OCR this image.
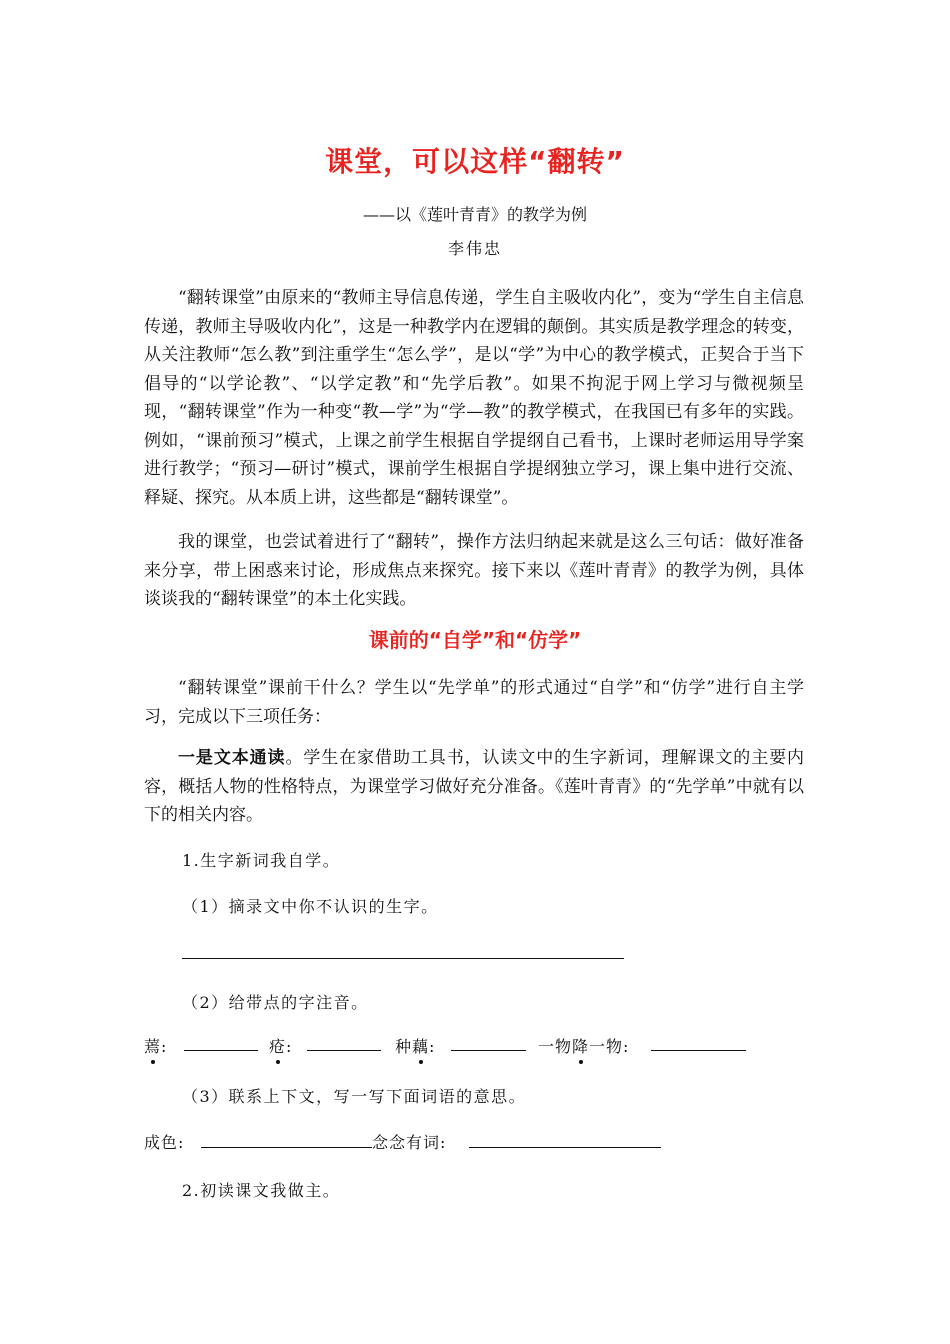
课堂，可以这样“翻转”
——以《莲叶青青》的教学为例
李伟忠
“翻转课堂”由原来的“教师主导信息传递，学生自主吸收内化”，变为“学生自主信息传递，教师主导吸收内化”，这是一种教学内在逻辑的颠倒。其实质是教学理念的转变，从关注教师“怎么教”到注重学生“怎么学”，是以“学”为中心的教学模式，正契合于当下倡导的“以学论教”、“以学定教”和“先学后教”。如果不拘泥于网上学习与微视频呈现，“翻转课堂”作为一种变“教—学”为“学—教”的教学模式，在我国已有多年的实践。例如，“课前预习”模式，上课之前学生根据自学提纲自己看书，上课时老师运用导学案进行教学；“预习—研讨”模式，课前学生根据自学提纲独立学习，课上集中进行交流、释疑、探究。从本质上讲，这些都是“翻转课堂”。
我的课堂，也尝试着进行了“翻转”，操作方法归纳起来就是这么三句话：做好准备来分享，带上困惑来讨论，形成焦点来探究。接下来以《莲叶青青》的教学为例，具体谈谈我的“翻转课堂”的本土化实践。
课前的“自学”和“仿学”
“翻转课堂”课前干什么？学生以“先学单”的形式通过“自学”和“仿学”进行自主学习，完成以下三项任务：
一是文本通读。学生在家借助工具书，认读文中的生字新词，理解课文的主要内容，概括人物的性格特点，为课堂学习做好充分准备。《莲叶青青》的“先学单”中就有以下的相关内容。
1.生字新词我自学。
（1）摘录文中你不认识的生字。
（2）给带点的字注音。
蔫:	疮:	种藕:	一物降一物:
（3）联系上下文，写一写下面词语的意思。
成色:	念念有词:
2.初读课文我做主。
